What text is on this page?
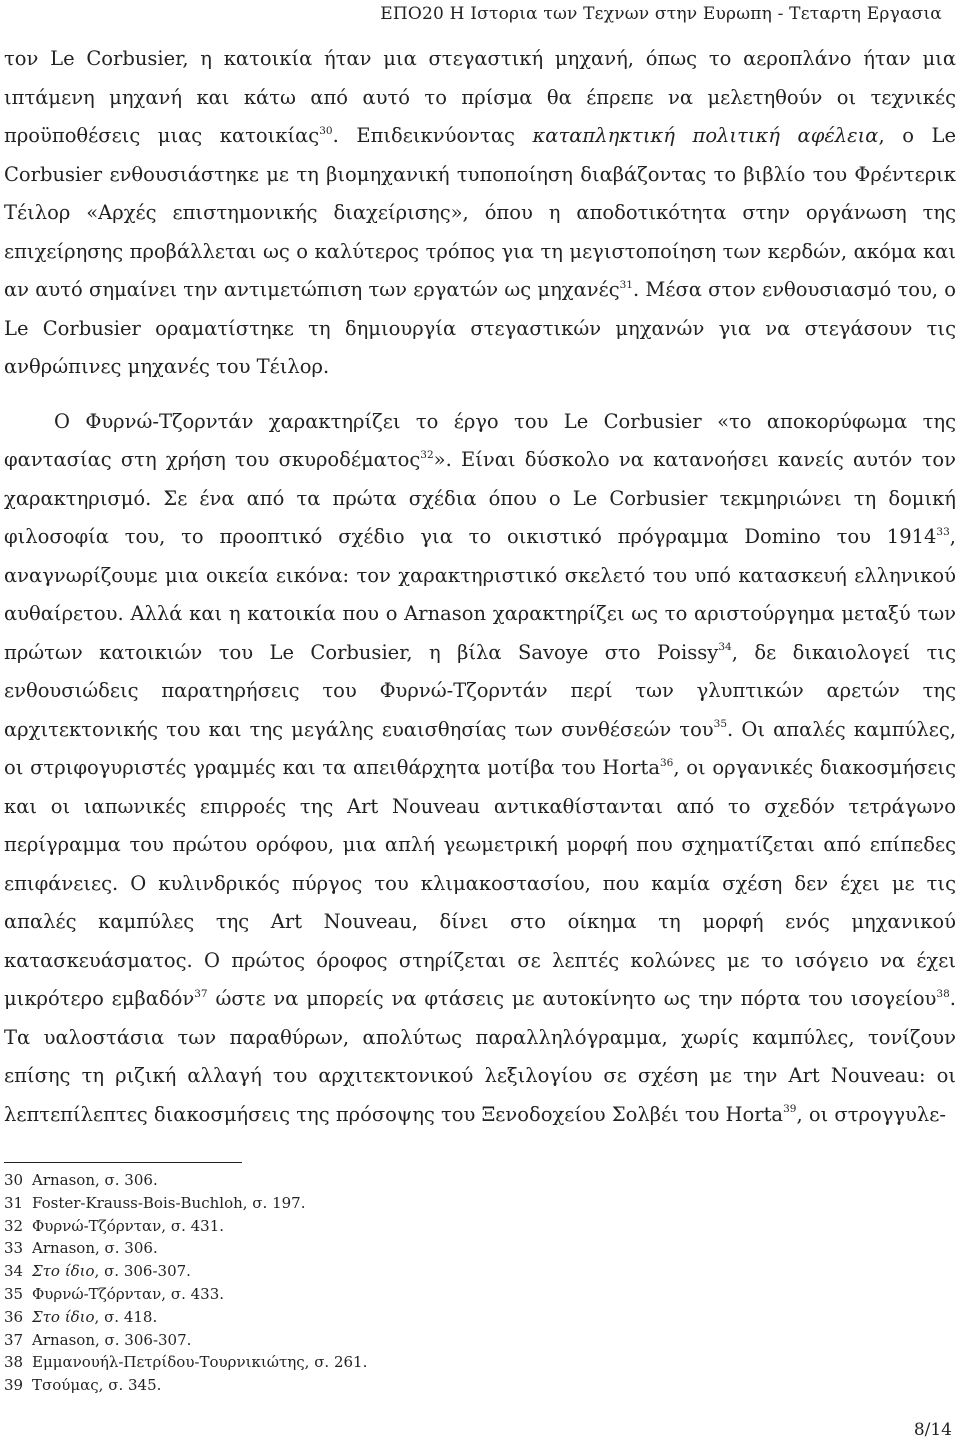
ΕΠΟ20 Η Ιστορια των Τεχνων στην Ευρωπη - Τεταρτη Εργασια

τον Le Corbusier, η κατοικία ήταν μια στεγαστική μηχανή, όπως το αεροπλάνο ήταν μια ιπτάμενη μηχανή και κάτω από αυτό το πρίσμα θα έπρεπε να μελετηθούν οι τεχνικές προϋποθέσεις μιας κατοικίας$^{30}$. Επιδεικνύοντας καταπληκτική πολιτική αφέλεια, ο Le Corbusier ενθουσιάστηκε με τη βιομηχανική τυποποίηση διαβάζοντας το βιβλίο του Φρέντερικ Τέιλορ «Αρχές επιστημονικής διαχείρισης», όπου η αποδοτικότητα στην οργάνωση της επιχείρησης προβάλλεται ως ο καλύτερος τρόπος για τη μεγιστοποίηση των κερδών, ακόμα και αν αυτό σημαίνει την αντιμετώπιση των εργατών ως μηχανές$^{31}$. Μέσα στον ενθουσιασμό του, ο Le Corbusier οραματίστηκε τη δημιουργία στεγαστικών μηχανών για να στεγάσουν τις ανθρώπινες μηχανές του Τέιλορ.

Ο Φυρνώ-Τζορντάν χαρακτηρίζει το έργο του Le Corbusier «το αποκορύφωμα της φαντασίας στη χρήση του σκυροδέματος$^{32}$». Είναι δύσκολο να κατανοήσει κανείς αυτόν τον χαρακτηρισμό. Σε ένα από τα πρώτα σχέδια όπου ο Le Corbusier τεκμηριώνει τη δομική φιλοσοφία του, το προοπτικό σχέδιο για το οικιστικό πρόγραμμα Domino του 1914$^{33}$, αναγνωρίζουμε μια οικεία εικόνα: τον χαρακτηριστικό σκελετό του υπό κατασκευή ελληνικού αυθαίρετου. Αλλά και η κατοικία που ο Arnason χαρακτηρίζει ως το αριστούργημα μεταξύ των πρώτων κατοικιών του Le Corbusier, η βίλα Savoye στο Poissy$^{34}$, δε δικαιολογεί τις ενθουσιώδεις παρατηρήσεις του Φυρνώ-Τζορντάν περί των γλυπτικών αρετών της αρχιτεκτονικής του και της μεγάλης ευαισθησίας των συνθέσεών του$^{35}$. Οι απαλές καμπύλες, οι στριφογυριστές γραμμές και τα απειθάρχητα μοτίβα του Horta$^{36}$, οι οργανικές διακοσμήσεις και οι ιαπωνικές επιρροές της Art Nouveau αντικαθίστανται από το σχεδόν τετράγωνο περίγραμμα του πρώτου ορόφου, μια απλή γεωμετρική μορφή που σχηματίζεται από επίπεδες επιφάνειες. Ο κυλινδρικός πύργος του κλιμακοστασίου, που καμία σχέση δεν έχει με τις απαλές καμπύλες της Art Nouveau, δίνει στο οίκημα τη μορφή ενός μηχανικού κατασκευάσματος. Ο πρώτος όροφος στηρίζεται σε λεπτές κολώνες με το ισόγειο να έχει μικρότερο εμβαδόν$^{37}$ ώστε να μπορείς να φτάσεις με αυτοκίνητο ως την πόρτα του ισογείου$^{38}$. Τα υαλοστάσια των παραθύρων, απολύτως παραλληλόγραμμα, χωρίς καμπύλες, τονίζουν επίσης τη ριζική αλλαγή του αρχιτεκτονικού λεξιλογίου σε σχέση με την Art Nouveau: οι λεπτεπίλεπτες διακοσμήσεις της πρόσοψης του Ξενοδοχείου Σολβέι του Horta$^{39}$, οι στρογγυλε-

30 Arnason, σ. 306.
31 Foster-Krauss-Bois-Buchloh, σ. 197.
32 Φυρνώ-Τζόρνταν, σ. 431.
33 Arnason, σ. 306.
34 Στο ίδιο, σ. 306-307.
35 Φυρνώ-Τζόρνταν, σ. 433.
36 Στο ίδιο, σ. 418.
37 Arnason, σ. 306-307.
38 Εμμανουήλ-Πετρίδου-Τουρνικιώτης, σ. 261.
39 Τσούμας, σ. 345.
8/14
